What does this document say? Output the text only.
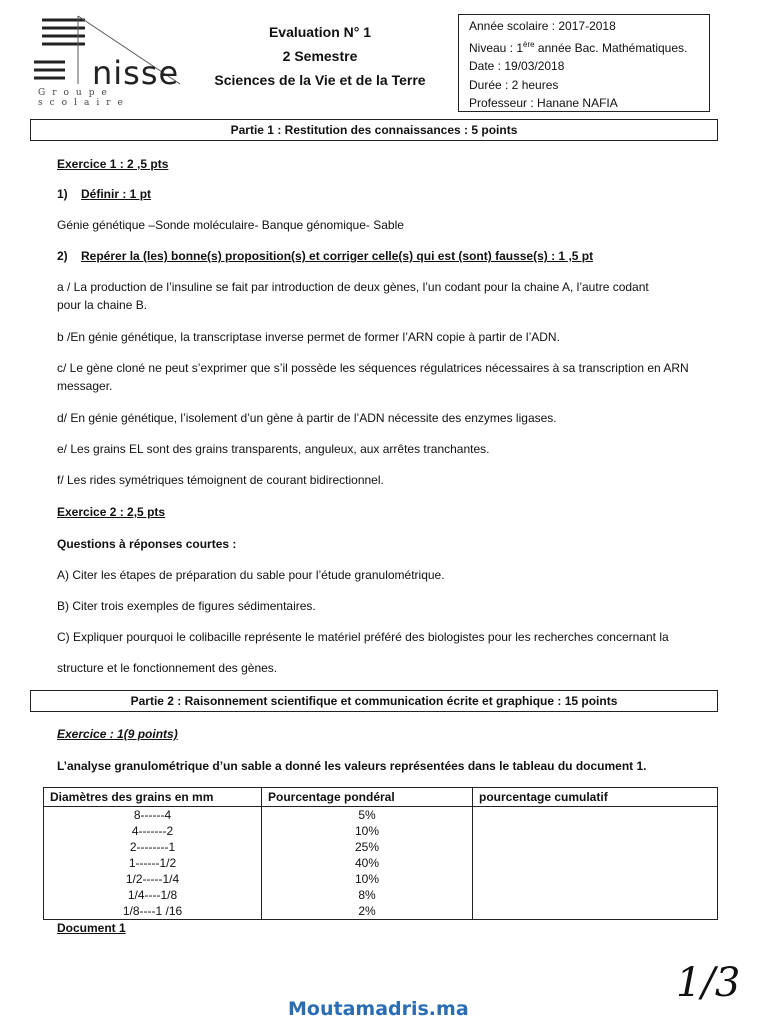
nisse
Groupe scolaire
Evaluation N° 1
2 Semestre
Sciences de la Vie et de la Terre
Année scolaire : 2017-2018
Niveau : 1ère année Bac. Mathématiques.
Date : 19/03/2018
Durée : 2 heures
Professeur : Hanane NAFIA
Partie 1 : Restitution des connaissances : 5 points
Exercice 1 : 2 ,5 pts
1) Définir : 1 pt
Génie génétique –Sonde moléculaire- Banque génomique- Sable
2) Repérer la (les) bonne(s) proposition(s) et corriger celle(s) qui est (sont) fausse(s) : 1 ,5 pt
a / La production de l’insuline se fait par introduction de deux gènes, l’un codant pour la chaine A, l’autre codant
pour la chaine B.
b /En génie génétique, la transcriptase inverse permet de former l’ARN copie à partir de l’ADN.
c/ Le gène cloné ne peut s’exprimer que s’il possède les séquences régulatrices nécessaires à sa transcription en ARN
messager.
d/ En génie génétique, l’isolement d’un gène à partir de l’ADN nécessite des enzymes ligases.
e/ Les grains EL sont des grains transparents, anguleux, aux arrêtes tranchantes.
f/ Les rides symétriques témoignent de courant bidirectionnel.
Exercice 2 : 2,5 pts
Questions à réponses courtes :
A) Citer les étapes de préparation du sable pour l’étude granulométrique.
B) Citer trois exemples de figures sédimentaires.
C) Expliquer pourquoi le colibacille représente le matériel préféré des biologistes pour les recherches concernant la
structure et le fonctionnement des gènes.
Partie 2 : Raisonnement scientifique et communication écrite et graphique : 15 points
Exercice : 1(9 points)
L’analyse granulométrique d’un sable a donné les valeurs représentées dans le tableau du document 1.
Diamètres des grains en mm	Pourcentage pondéral	pourcentage cumulatif
8------4	5%	
4-------2	10%	
2--------1	25%	
1------1/2	40%	
1/2-----1/4	10%	
1/4----1/8	8%	
1/8----1 /16	2%	
Document 1
1/3
Moutamadris.ma
